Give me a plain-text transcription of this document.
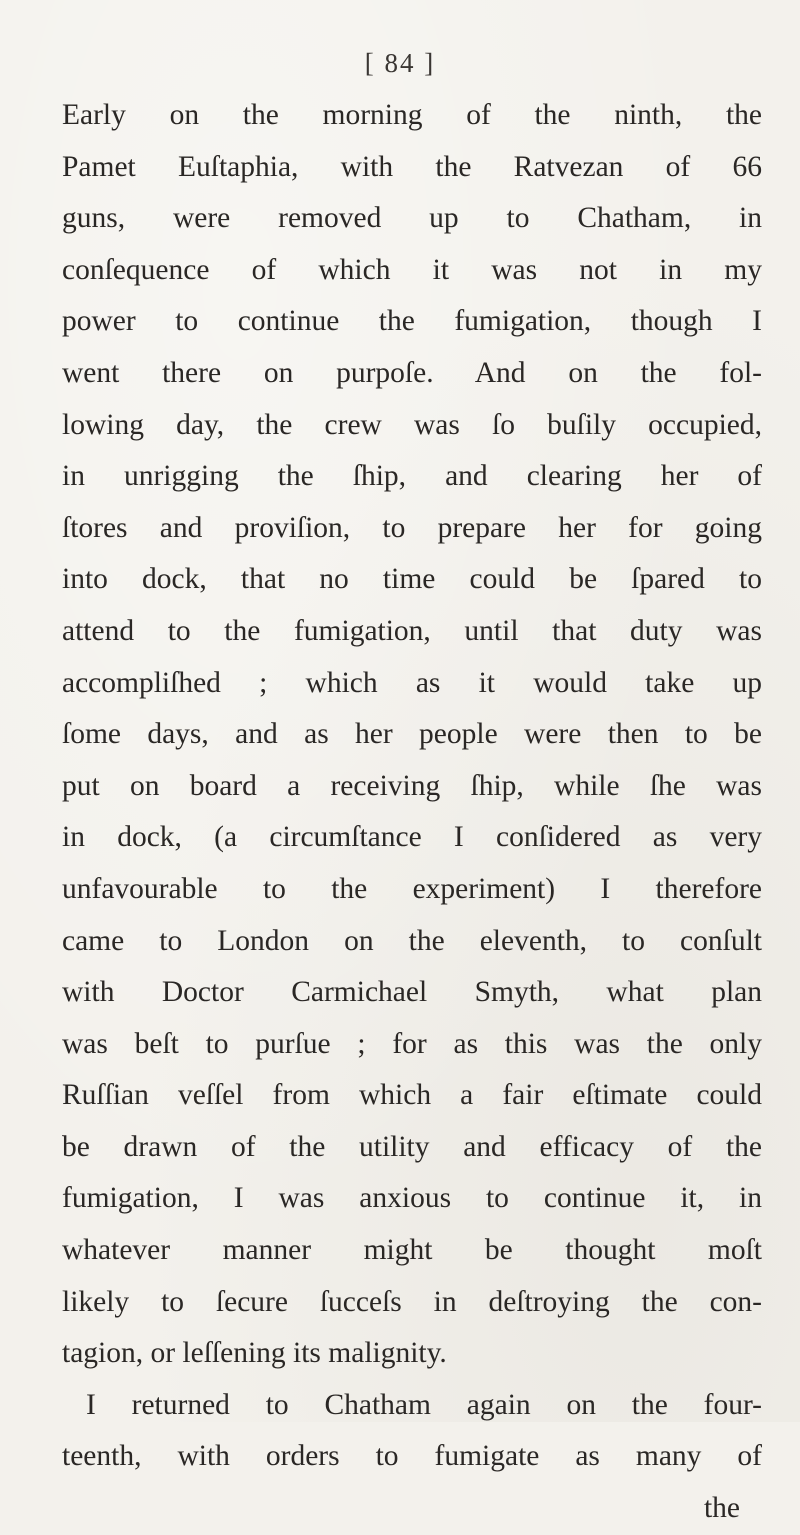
[ 84 ]
Early on the morning of the ninth, the
Pamet Euſtaphia, with the Ratvezan of 66
guns, were removed up to Chatham, in
conſequence of which it was not in my
power to continue the fumigation, though I
went there on purpoſe. And on the fol-
lowing day, the crew was ſo buſily occupied,
in unrigging the ſhip, and clearing her of
ſtores and proviſion, to prepare her for going
into dock, that no time could be ſpared to
attend to the fumigation, until that duty was
accompliſhed ; which as it would take up
ſome days, and as her people were then to be
put on board a receiving ſhip, while ſhe was
in dock, (a circumſtance I conſidered as very
unfavourable to the experiment) I therefore
came to London on the eleventh, to conſult
with Doctor Carmichael Smyth, what plan
was beſt to purſue ; for as this was the only
Ruſſian veſſel from which a fair eſtimate could
be drawn of the utility and efficacy of the
fumigation, I was anxious to continue it, in
whatever manner might be thought moſt
likely to ſecure ſucceſs in deſtroying the con-
tagion, or leſſening its malignity.
I returned to Chatham again on the four-
teenth, with orders to fumigate as many of
the
